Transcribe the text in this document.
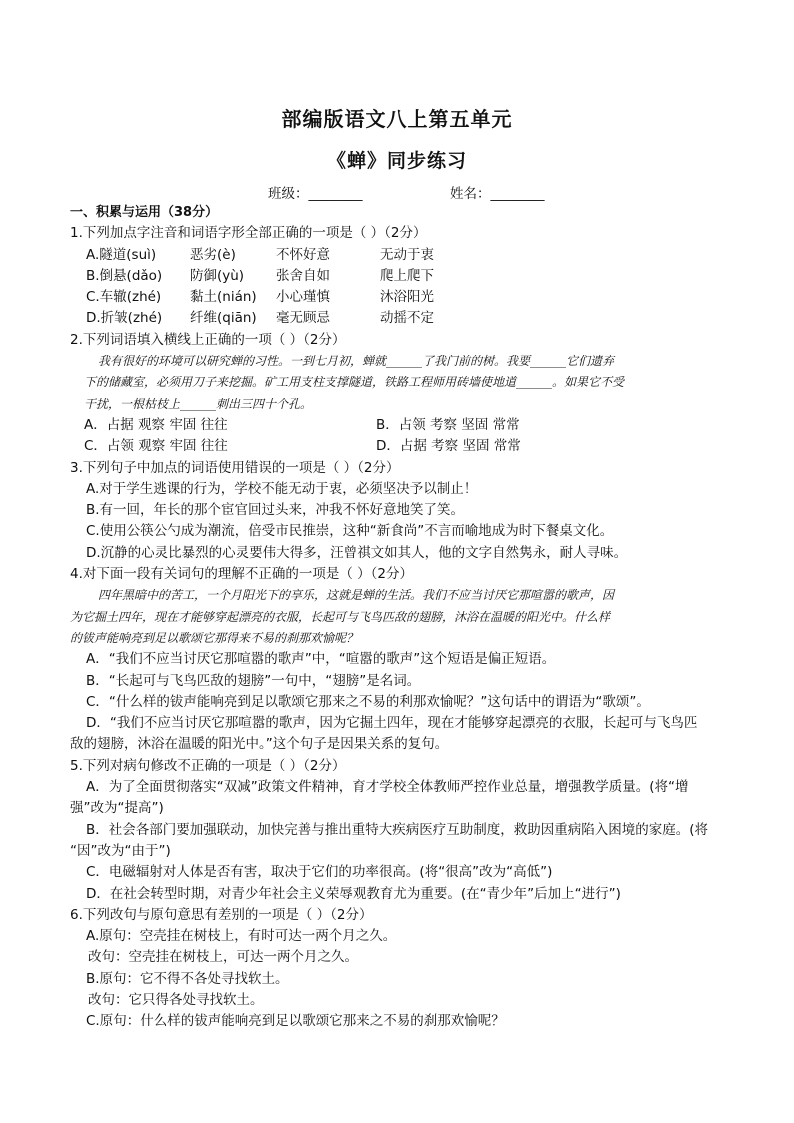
部编版语文八上第五单元
《蝉》同步练习
班级：________	姓名：________
一、积累与运用（38分）
1.下列加点字注音和词语字形全部正确的一项是（ ）（2分）
A.隧道(suì)	恶劣(è)	不怀好意	无动于衷
B.倒悬(dǎo)	防御(yù)	张舍自如	爬上爬下
C.车辙(zhé)	黏土(nián)	小心瑾慎	沐浴阳光
D.折皱(zhé)	纤维(qiān)	毫无顾忌	动摇不定
2.下列词语填入横线上正确的一项（ ）（2分）
我有很好的环境可以研究蝉的习性。一到七月初，蝉就______了我门前的树。我要______它们遗弃
下的储藏室，必须用刀子来挖掘。矿工用支柱支撑隧道，铁路工程师用砖墙使地道______。如果它不受
干扰，一根枯枝上______刺出三四十个孔。
A．占据 观察 牢固 往往	B．占领 考察 坚固 常常
C．占领 观察 牢固 往往	D．占据 考察 坚固 常常
3.下列句子中加点的词语使用错误的一项是（ ）（2分）
A.对于学生逃课的行为，学校不能无动于衷，必须坚决予以制止！
B.有一回，年长的那个宦官回过头来，冲我不怀好意地笑了笑。
C.使用公筷公勺成为潮流，倍受市民推崇，这种“新食尚”不言而喻地成为时下餐桌文化。
D.沉静的心灵比暴烈的心灵要伟大得多，汪曾祺文如其人，他的文字自然隽永，耐人寻味。
4.对下面一段有关词句的理解不正确的一项是（ ）（2分）
四年黑暗中的苦工，一个月阳光下的享乐，这就是蝉的生活。我们不应当讨厌它那喧嚣的歌声，因
为它掘土四年，现在才能够穿起漂亮的衣服，长起可与飞鸟匹敌的翅膀，沐浴在温暖的阳光中。什么样
的钹声能响亮到足以歌颂它那得来不易的刹那欢愉呢？
A．“我们不应当讨厌它那喧嚣的歌声”中，“喧嚣的歌声”这个短语是偏正短语。
B．“长起可与飞鸟匹敌的翅膀”一句中，“翅膀”是名词。
C．“什么样的钹声能响亮到足以歌颂它那来之不易的利那欢愉呢？”这句话中的谓语为“歌颂”。
D．“我们不应当讨厌它那喧嚣的歌声，因为它掘土四年，现在才能够穿起漂亮的衣服，长起可与飞鸟匹
敌的翅膀，沐浴在温暖的阳光中。”这个句子是因果关系的复句。
5.下列对病句修改不正确的一项是（ ）（2分）
A．为了全面贯彻落实“双减”政策文件精神，育才学校全体教师严控作业总量，增强教学质量。(将“增
强”改为“提高”)
B．社会各部门要加强联动，加快完善与推出重特大疾病医疗互助制度，救助因重病陷入困境的家庭。(将
“因”改为“由于”)
C．电磁辐射对人体是否有害，取决于它们的功率很高。(将“很高”改为“高低”)
D．在社会转型时期，对青少年社会主义荣辱观教育尤为重要。(在“青少年”后加上“进行”)
6.下列改句与原句意思有差别的一项是（ ）（2分）
A.原句：空壳挂在树枝上，有时可达一两个月之久。
改句：空壳挂在树枝上，可达一两个月之久。
B.原句：它不得不各处寻找软土。
改句：它只得各处寻找软土。
C.原句：什么样的钹声能响亮到足以歌颂它那来之不易的刹那欢愉呢？
